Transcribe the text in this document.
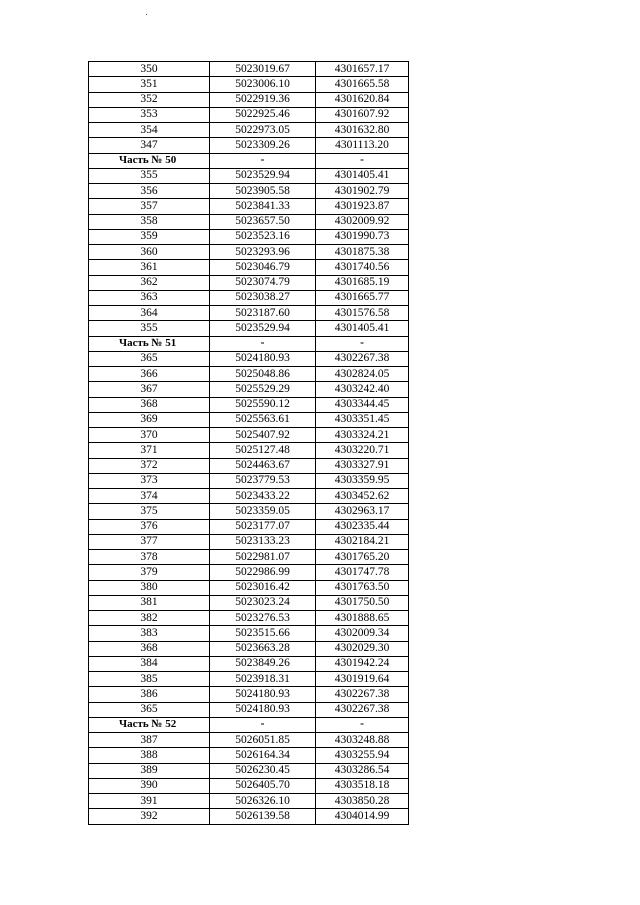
350	5023019.67	4301657.17
351	5023006.10	4301665.58
352	5022919.36	4301620.84
353	5022925.46	4301607.92
354	5022973.05	4301632.80
347	5023309.26	4301113.20
Часть № 50	-	-
355	5023529.94	4301405.41
356	5023905.58	4301902.79
357	5023841.33	4301923.87
358	5023657.50	4302009.92
359	5023523.16	4301990.73
360	5023293.96	4301875.38
361	5023046.79	4301740.56
362	5023074.79	4301685.19
363	5023038.27	4301665.77
364	5023187.60	4301576.58
355	5023529.94	4301405.41
Часть № 51	-	-
365	5024180.93	4302267.38
366	5025048.86	4302824.05
367	5025529.29	4303242.40
368	5025590.12	4303344.45
369	5025563.61	4303351.45
370	5025407.92	4303324.21
371	5025127.48	4303220.71
372	5024463.67	4303327.91
373	5023779.53	4303359.95
374	5023433.22	4303452.62
375	5023359.05	4302963.17
376	5023177.07	4302335.44
377	5023133.23	4302184.21
378	5022981.07	4301765.20
379	5022986.99	4301747.78
380	5023016.42	4301763.50
381	5023023.24	4301750.50
382	5023276.53	4301888.65
383	5023515.66	4302009.34
368	5023663.28	4302029.30
384	5023849.26	4301942.24
385	5023918.31	4301919.64
386	5024180.93	4302267.38
365	5024180.93	4302267.38
Часть № 52	-	-
387	5026051.85	4303248.88
388	5026164.34	4303255.94
389	5026230.45	4303286.54
390	5026405.70	4303518.18
391	5026326.10	4303850.28
392	5026139.58	4304014.99
